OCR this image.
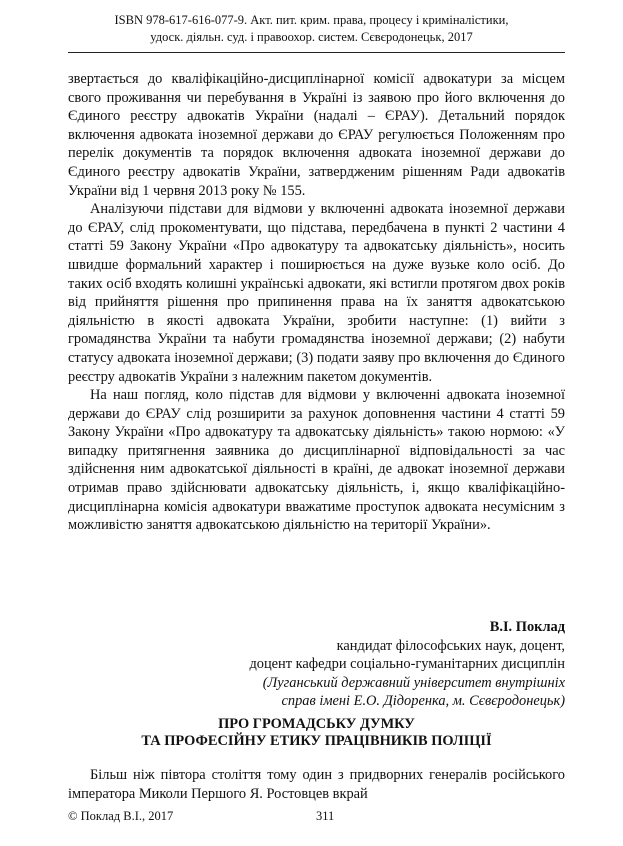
ISBN 978-617-616-077-9. Акт. пит. крим. права, процесу і криміналістики,
удоск. діяльн. суд. і правоохор. систем. Сєвєродонецьк, 2017

звертається до кваліфікаційно-дисциплінарної комісії адвокатури за місцем свого проживання чи перебування в Україні із заявою про його включення до Єдиного реєстру адвокатів України (надалі – ЄРАУ). Детальний порядок включення адвоката іноземної держави до ЄРАУ регулюється Положенням про перелік документів та порядок включення адвоката іноземної держави до Єдиного реєстру адвокатів України, затвердженим рішенням Ради адвокатів України від 1 червня 2013 року № 155.

Аналізуючи підстави для відмови у включенні адвоката іноземної держави до ЄРАУ, слід прокоментувати, що підстава, передбачена в пункті 2 частини 4 статті 59 Закону України «Про адвокатуру та адвокатську діяльність», носить швидше формальний характер і поширюється на дуже вузьке коло осіб. До таких осіб входять колишні українські адвокати, які встигли протягом двох років від прийняття рішення про припинення права на їх заняття адвокатською діяльністю в якості адвоката України, зробити наступне: (1) вийти з громадянства України та набути громадянства іноземної держави; (2) набути статусу адвоката іноземної держави; (3) подати заяву про включення до Єдиного реєстру адвокатів України з належним пакетом документів.

На наш погляд, коло підстав для відмови у включенні адвоката іноземної держави до ЄРАУ слід розширити за рахунок доповнення частини 4 статті 59 Закону України «Про адвокатуру та адвокатську діяльність» такою нормою: «У випадку притягнення заявника до дисциплінарної відповідальності за час здійснення ним адвокатської діяльності в країні, де адвокат іноземної держави отримав право здійснювати адвокатську діяльність, і, якщо кваліфікаційно-дисциплінарна комісія адвокатури вважатиме проступок адвоката несумісним з можливістю заняття адвокатською діяльністю на території України».

В.І. Поклад
кандидат філософських наук, доцент,
доцент кафедри соціально-гуманітарних дисциплін
(Луганський державний університет внутрішніх
справ імені Е.О. Дідоренка, м. Сєвєродонецьк)
ПРО ГРОМАДСЬКУ ДУМКУ
ТА ПРОФЕСІЙНУ ЕТИКУ ПРАЦІВНИКІВ ПОЛІЦІЇ
Більш ніж півтора століття тому один з придворних генералів російського імператора Миколи Першого Я. Ростовцев вкрай
© Поклад В.І., 2017	311
